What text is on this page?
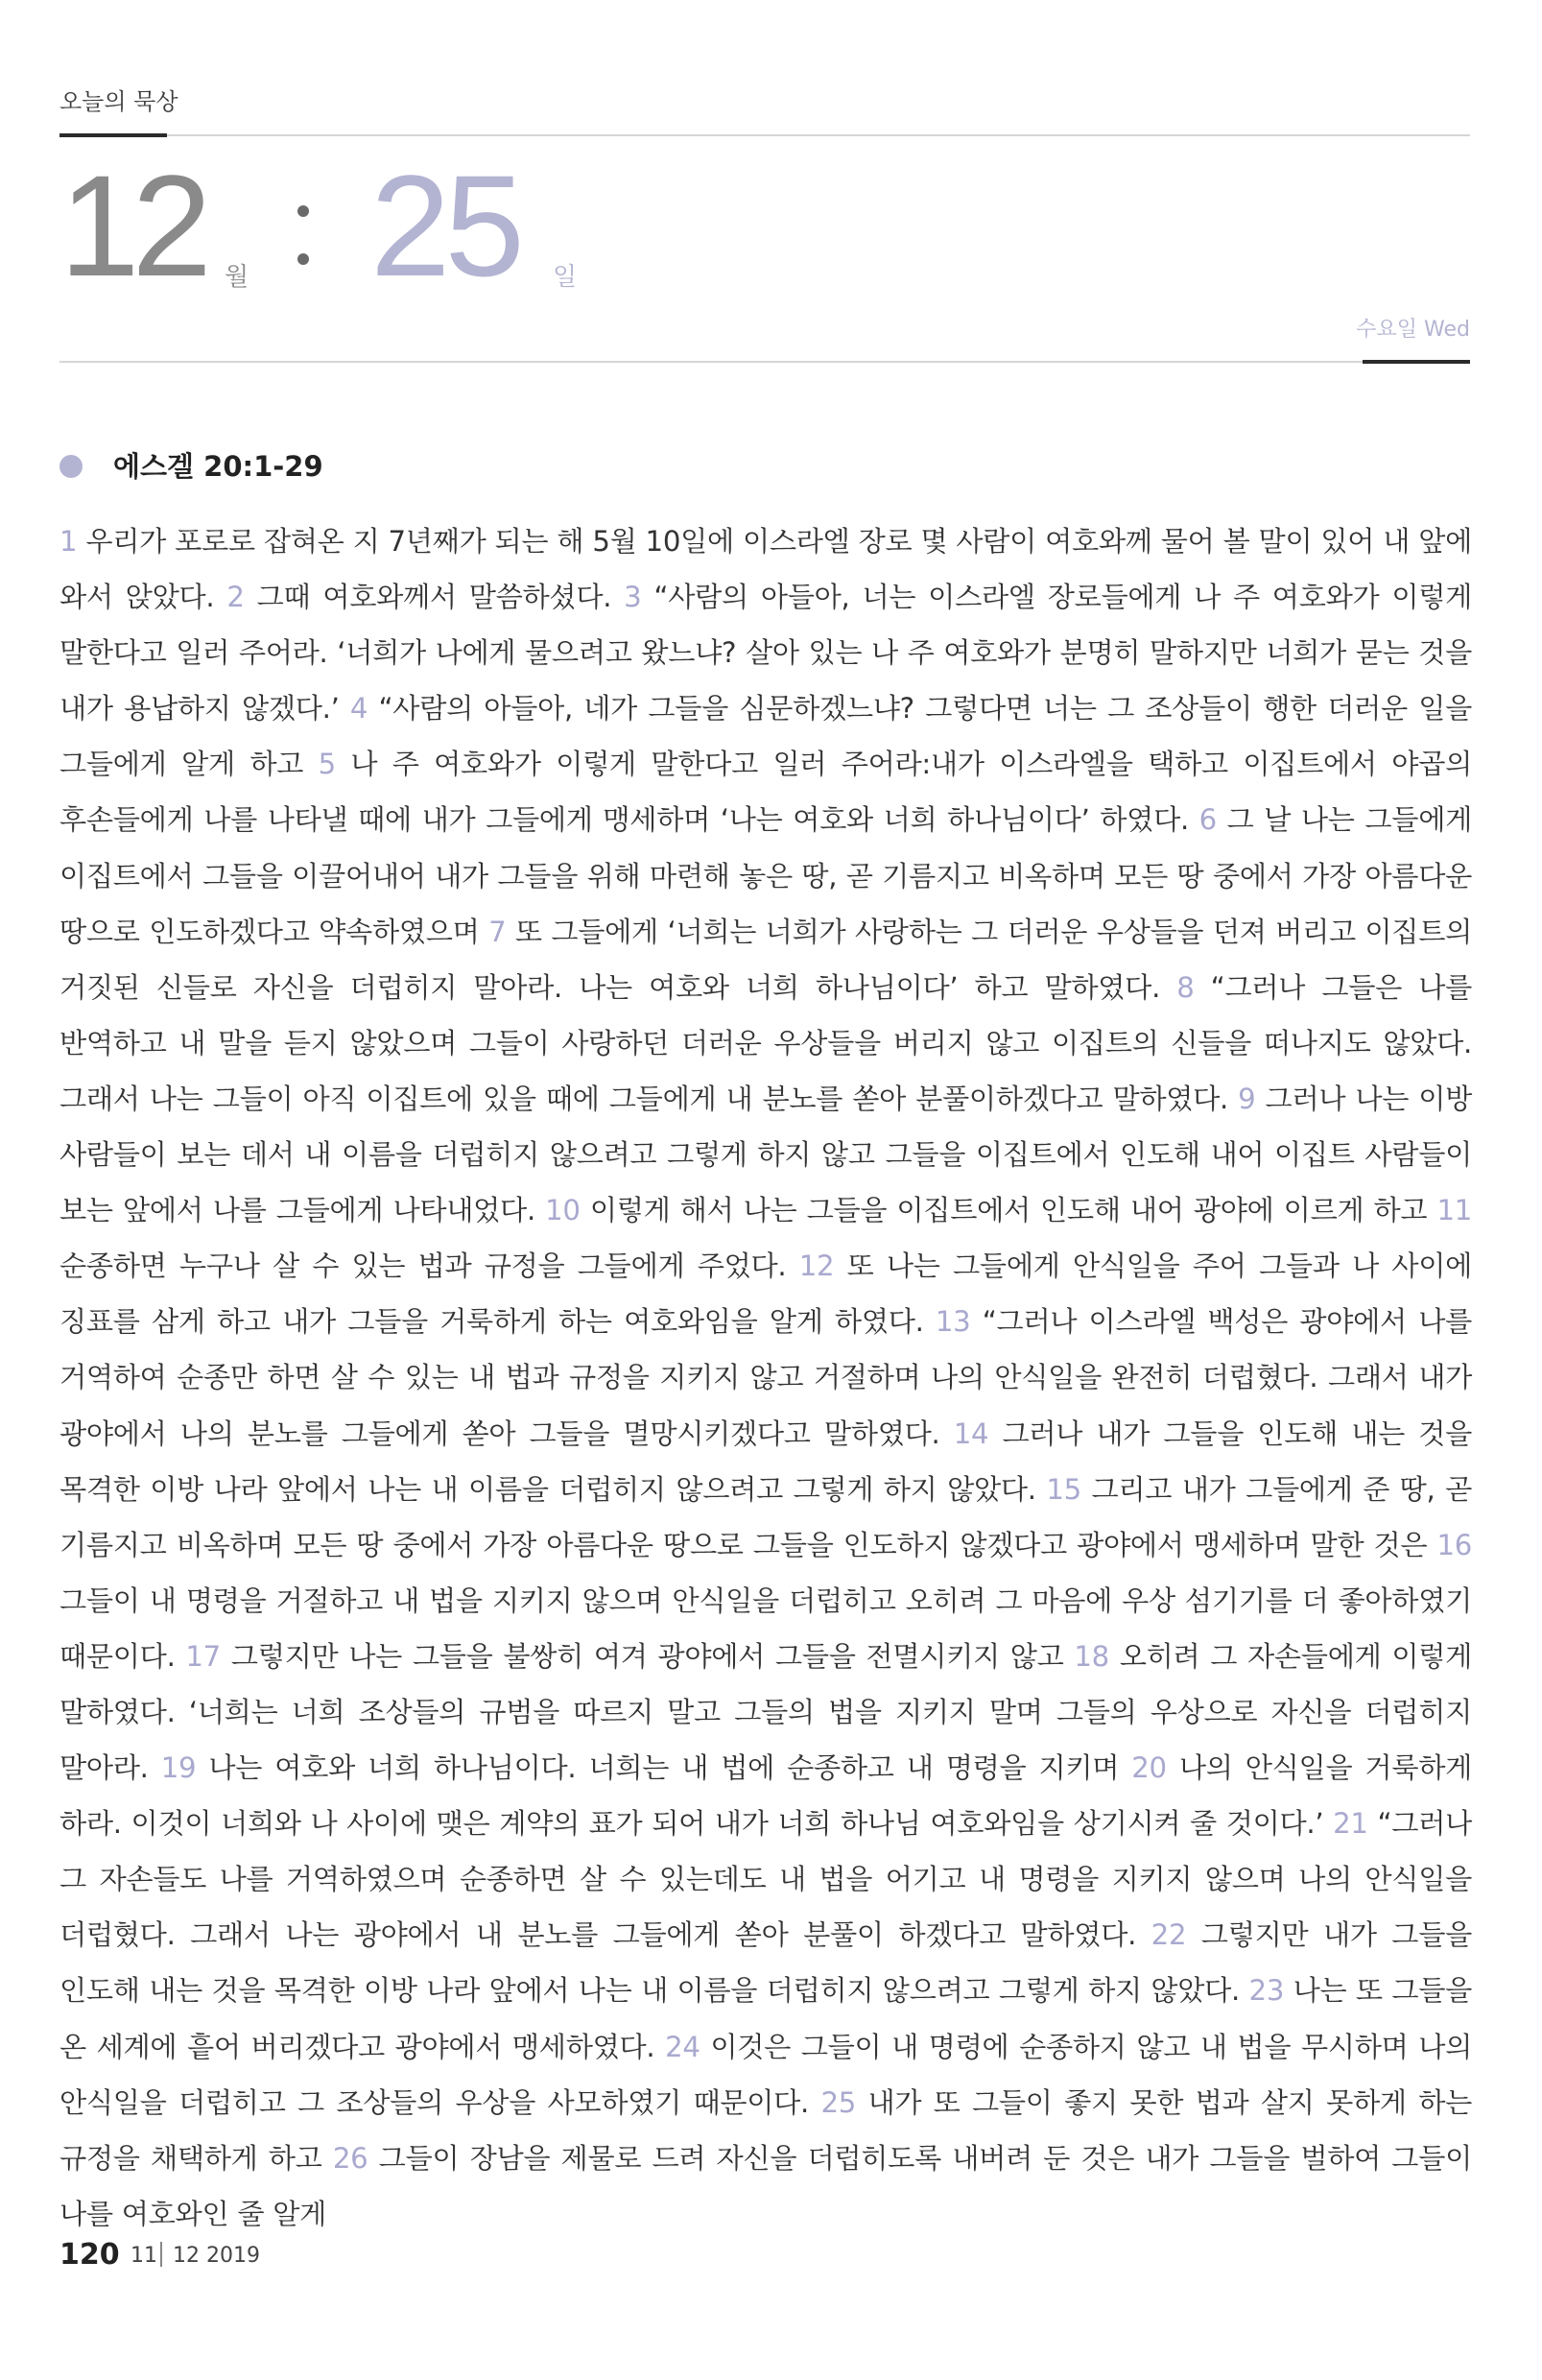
오늘의 묵상
12 월 25 일
수요일 Wed
에스겔 20:1-29
1 우리가 포로로 잡혀온 지 7년째가 되는 해 5월 10일에 이스라엘 장로 몇 사람이 여호와께 물어 볼 말이 있어 내 앞에 와서 앉았다. 2 그때 여호와께서 말씀하셨다. 3 “사람의 아들아, 너는 이스라엘 장로들에게 나 주 여호와가 이렇게 말한다고 일러 주어라. ‘너희가 나에게 물으려고 왔느냐? 살아 있는 나 주 여호와가 분명히 말하지만 너희가 묻는 것을 내가 용납하지 않겠다.’ 4 “사람의 아들아, 네가 그들을 심문하겠느냐? 그렇다면 너는 그 조상들이 행한 더러운 일을 그들에게 알게 하고 5 나 주 여호와가 이렇게 말한다고 일러 주어라:내가 이스라엘을 택하고 이집트에서 야곱의 후손들에게 나를 나타낼 때에 내가 그들에게 맹세하며 ‘나는 여호와 너희 하나님이다’ 하였다. 6 그 날 나는 그들에게 이집트에서 그들을 이끌어내어 내가 그들을 위해 마련해 놓은 땅, 곧 기름지고 비옥하며 모든 땅 중에서 가장 아름다운 땅으로 인도하겠다고 약속하였으며 7 또 그들에게 ‘너희는 너희가 사랑하는 그 더러운 우상들을 던져 버리고 이집트의 거짓된 신들로 자신을 더럽히지 말아라. 나는 여호와 너희 하나님이다’ 하고 말하였다. 8 “그러나 그들은 나를 반역하고 내 말을 듣지 않았으며 그들이 사랑하던 더러운 우상들을 버리지 않고 이집트의 신들을 떠나지도 않았다. 그래서 나는 그들이 아직 이집트에 있을 때에 그들에게 내 분노를 쏟아 분풀이하겠다고 말하였다. 9 그러나 나는 이방 사람들이 보는 데서 내 이름을 더럽히지 않으려고 그렇게 하지 않고 그들을 이집트에서 인도해 내어 이집트 사람들이 보는 앞에서 나를 그들에게 나타내었다. 10 이렇게 해서 나는 그들을 이집트에서 인도해 내어 광야에 이르게 하고 11 순종하면 누구나 살 수 있는 법과 규정을 그들에게 주었다. 12 또 나는 그들에게 안식일을 주어 그들과 나 사이에 징표를 삼게 하고 내가 그들을 거룩하게 하는 여호와임을 알게 하였다. 13 “그러나 이스라엘 백성은 광야에서 나를 거역하여 순종만 하면 살 수 있는 내 법과 규정을 지키지 않고 거절하며 나의 안식일을 완전히 더럽혔다. 그래서 내가 광야에서 나의 분노를 그들에게 쏟아 그들을 멸망시키겠다고 말하였다. 14 그러나 내가 그들을 인도해 내는 것을 목격한 이방 나라 앞에서 나는 내 이름을 더럽히지 않으려고 그렇게 하지 않았다. 15 그리고 내가 그들에게 준 땅, 곧 기름지고 비옥하며 모든 땅 중에서 가장 아름다운 땅으로 그들을 인도하지 않겠다고 광야에서 맹세하며 말한 것은 16 그들이 내 명령을 거절하고 내 법을 지키지 않으며 안식일을 더럽히고 오히려 그 마음에 우상 섬기기를 더 좋아하였기 때문이다. 17 그렇지만 나는 그들을 불쌍히 여겨 광야에서 그들을 전멸시키지 않고 18 오히려 그 자손들에게 이렇게 말하였다. ‘너희는 너희 조상들의 규범을 따르지 말고 그들의 법을 지키지 말며 그들의 우상으로 자신을 더럽히지 말아라. 19 나는 여호와 너희 하나님이다. 너희는 내 법에 순종하고 내 명령을 지키며 20 나의 안식일을 거룩하게 하라. 이것이 너희와 나 사이에 맺은 계약의 표가 되어 내가 너희 하나님 여호와임을 상기시켜 줄 것이다.’ 21 “그러나 그 자손들도 나를 거역하였으며 순종하면 살 수 있는데도 내 법을 어기고 내 명령을 지키지 않으며 나의 안식일을 더럽혔다. 그래서 나는 광야에서 내 분노를 그들에게 쏟아 분풀이 하겠다고 말하였다. 22 그렇지만 내가 그들을 인도해 내는 것을 목격한 이방 나라 앞에서 나는 내 이름을 더럽히지 않으려고 그렇게 하지 않았다. 23 나는 또 그들을 온 세계에 흩어 버리겠다고 광야에서 맹세하였다. 24 이것은 그들이 내 명령에 순종하지 않고 내 법을 무시하며 나의 안식일을 더럽히고 그 조상들의 우상을 사모하였기 때문이다. 25 내가 또 그들이 좋지 못한 법과 살지 못하게 하는 규정을 채택하게 하고 26 그들이 장남을 제물로 드려 자신을 더럽히도록 내버려 둔 것은 내가 그들을 벌하여 그들이 나를 여호와인 줄 알게
120 11 12 2019
